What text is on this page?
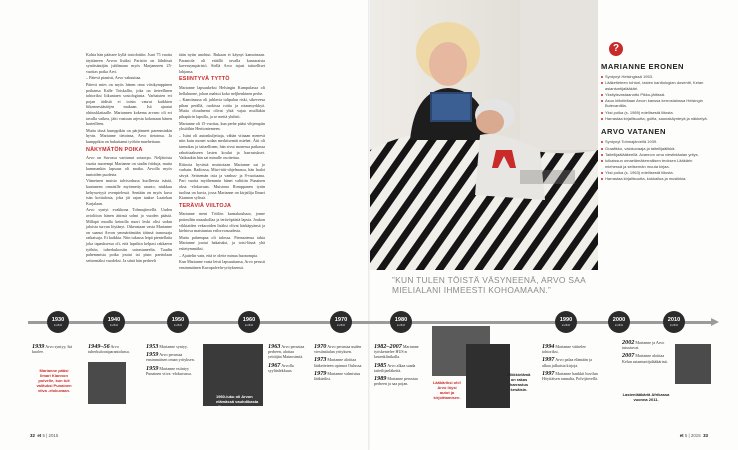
Kohta hän päässee kyllä tosiolottiin. Jsari 75 vuotta täyttäneen Arvon lisäksi Parisiin on lähdössä syntiisäntijän juhlimaan myös Marjanneen 25-vuotias poika Arvi.

– Pätevä pianisti, Arvo vakuuttaa.

Pätevä mies on myös hänen oma viisikymppinen poikansa Kalle Toiskallio, joka on tieteellinen tohtoriksi liikuntaen sosiologiasta. Varhaisten eri pojan äidistä ei toisin vaurut kaikkien liikennesäästöjen mukaan. Isä ajautui ohitusklatiaalle. Mariannen kokema arvaeo oli eri tavalla vaikea, jätti vastuun arjesta kokonaan hänen harteilleen.

Mutta tässä kumppikin on pärjänneet parenminkin hyvin. Marianne tietoinsa, Arvo tietoinsa. Ja kumppikin on hukuttanut työhön muehettaan.

NÄKYMÄTÖN POIKA

Arvo on Savossa varttunut sotaorpo. Neljätoista vuotta nuorempi Marianne on stadin friiduja, mutta kummankin lapsuus oli matka. Arvolla myös tuntoiden puolesta.

Viimeinen muisto talvisodassa kuolleesta isästä, kaatuneen omaisille myönnetty asunto, niukkuu kehyssetyyä ovenpielessä. Sentään on myös kuva isän kotitalosta, joka jäi rajan taakse Laatokan Karjalaan.

Arvo syntyi evakkona Tohmajärvellä. Uuden avioliiton hänen äitinsä solmi jo vuoden päästä. Millapä muulla keinolla nuori leski olisi sodan jaloista turvan löytänyt. Oikeastaan vasta Marianne on saanut Arvon ymmärtämään äitinsä tranossaja ratkaisuja. Ei kaikkia. Niin tukassa leipä pientellaiia joka tapauksessa oli, että lapsikin kelpasi rakkaeen työhön, tuberkuloosiin sairastuneelta. Taudin pahemmista poika joutui tai pisin paettolaan seitsemäksi vuodeksi. Ja siinä hän perheelt

tään nytin unohtui. Rukaan ei käynyt kansoinaan. Parantola oli etäällä tavalla kansaraista kaveruympäristö. Siellä Arvo tajusi taitoelliset lahjansa.

ESIINTYVÄ TYTTÖ

Marianne lapsuukeksi Helsingin Kumpulassa oli hellahuone, johon mahtui koko neljhenkinen perhe.

– Kamiinassa oli juhlavia tulipalon riski, sikeveesa pihan perällä, ruokissa rottia ja rotanmyrkkyä. Mutta oloudnemt olivat yhtä vajaa muillakin pihapiirin lapsilla, ja se meitä yhdisti.

Marianne oli 15-vuotias, kun perhe pääsi vihjempiin yksiöihin Herttoniemeen.

– Isäni oli autonkuljettaja, vähän viinaan menevä niin kuin monet sodan merkitsemät miehet. Äiti oli tarmokas ja taitaellinen, hän sivui monessa paikassa rahoittaakseen lasten koulut ja harrastukset. Vaikuukin hän sai minulle osoitettua.

Riitoota hyvästä muistotaan Marianne sai jo varhain. Radiossa, Mirri-täti-ohjelmassa, hän lauloi sävyä. Seitsemän osia ja vanhus- ja 8-vuotiaana. Pari vuotta myöhemmin hänet valittiin Punaisen oksa -elokuvaan. Muistona Romppanen tyrän tuolina on kuvia, jossa Marianne on kirjailija Ilmari Kiannon sylissä.

TERÄVIÄ VIILTOJA

Marianne meni Töölön kansakouluun, jonne potimiltin muuskollaa ja terävöpäistä lapsia. Joukon vikkiaiden vekaroiden lisäksi olivat härkäpyänsä ja kiehtova maistuntaa erilorvosuudesta.

Mutta pahempaa oli tulossa. Pienuutensa takia Marianne joutui hakatuksi, ja toisi-läsnä yhä esitetymmäksi.

– Ajattelin vain, että te olette minua huonompia.

Kun Marianne vasta leisti lapsuuttansa, Arvo perusti ensimmäinen Kuvapalvelu-yrityksensä.

?
MARIANNE ERONEN
Syntynyt Helsingissä 1953.
Lääketieteen tohtori, lasten kardiologian dosentti, Kelan asiantuntijalääkäri.
Yksityisvastaanotto Pikku-jättissä.
Asuu kiitotieltaan Arvon kanssa kerrostalossa Helsingin Bulevardilla.
Yksi poika (s. 1989) edellisestä liitosta.
Harrastaa kirjallisuutta, golfia, saunakäynteyä ja näkkelyä.
ARVO VATANEN
Syntynyt Tohmajärvellä 1939.
Graafikko, valokuvaaja ja taiteilijaälikkä.
Taiteilijaälääkeellä. Avannon oma viestintäalan yritys.
Iulkaissun omaelämäkerrallisen teoksen Lääkärin miehessä ja seitsemän muuta kirjaa.
Yksi poika (s. 1963) edellisestä liitosta.
Harrastaa kirjallisuutta, kokkailua ja musiikkia.
”KUN TULEN TÖISTÄ VÄSYNEENÄ, ARVO SAA MIELIALANI IHMEESTI KOHOAMAAN.”
1930
LUKU
1940
LUKU
1950
LUKU
1960
LUKU
1970
LUKU
1980
LUKU
1990
LUKU
2000
LUKU
2010
LUKU

1939 Arvo syntyy, Isä kuolee.

Marianne pääsi Ilmari Kiannon polvelle, kun tuli valituksi Punainen viiva -elokuvaan.

1949–56 Arvo tuberkuloosiparantolassa.

1953 Marianne syntyy.

1959 Arvo perustaa ensimmäisen oman yrityksen.

1959 Marianne esiintyy Punainen viiva -elokuvassa.

1960-luku oli Arvon elämässä vauhdikasta aikaa.

1963 Arvo perustaa perheen, alottaa yrittäjän Mainosimiä.

1967 Arvolla syylänlekkuus.

1970 Arvo perustaa uuden viestintäalan yrityksen.

1973 Marianne aloittaa lääketieteen opinnot Oulussa.

1979 Marianne valmistuu lääkäriksi.

1982–2007 Marianne työskentelee HUS:n lastenklinikalla.

1985 Arvo alkaa saada taiteilijaeläkettä.

1989 Marianne perustaa perheen ja saa pojan.	Lääkäriksi ohi! Arvo löysi autot ja kirjoittamisen.
Mökkielämä on rakas harrastus kesäisin.

1994 Marianne väittelee tohtoriksi.

1997 Arvo palaa elämään ja alkaa julkaista kirjoja.

1997 Marianne hankkii huvilan Höytiäisen rannalta, Polvijärvellä.

2002 Marianne ja Arvo tutustuvat.

2007 Marianne aloittaa Kelan asiantuntijalääkärinä.

Lastenlääkäriä Afrikassa vuonna 2011.
32 et 5 | 2015	et 5 | 2015 33
